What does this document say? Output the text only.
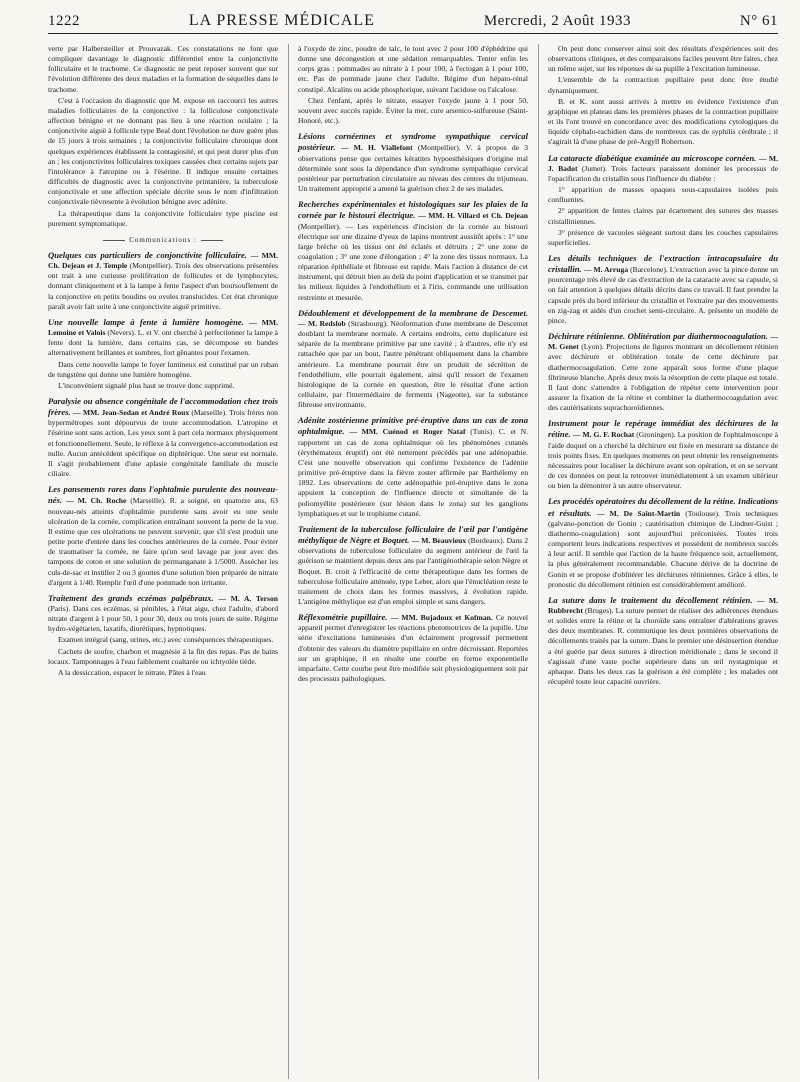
1222	LA PRESSE MÉDICALE	Mercredi, 2 Août 1933	N° 61

verte par Halbersteiller et Prouvazak. Ces constatations ne font que compliquer davantage le diagnostic différentiel entre la conjonctivite folliculaire et le trachome. Ce diagnostic ne peut reposer souvent que sur l'évolution différente des deux maladies et la formation de séquelles dans le trachome.

C'est à l'occasion du diagnostic que M. expose en raccourci les autres maladies folliculaires de la conjonctive : la folliculose conjonctivale affection bénigne et ne donnant pas lieu à une réaction oculaire ; la conjonctivite aiguë à follicule type Beal dont l'évolution ne dure guère plus de 15 jours à trois semaines ; la conjonctivite folliculaire chronique dont quelques expériences établissent la contagiosité, et qui peut durer plus d'un an ; les conjonctivites folliculaires toxiques causées chez certains sujets par l'intolérance à l'atropine ou à l'ésérine. Il indique ensuite certaines difficultés de diagnostic avec la conjonctivite printanière, la tuberculose conjonctivale et une affection spéciale décrite sous le nom d'infiltration conjonctivale tièvresente à évolution bénigne avec adénite.

La thérapeutique dans la conjonctivite folliculaire type piscine est purement symptomatique.

Communications :

Quelques cas particuliers de conjonctivite folliculaire. — MM. Ch. Dejean et J. Temple (Montpellier). Trois des observations présentées ont trait à une curieuse prolifération de follicules et de lymphocytes, donnant cliniquement et à la lampe à fente l'aspect d'un boursouflement de la conjonctive en petits boudins ou ovules translucides. Cet état chronique paraît avoir fait suite à une conjonctivite aiguë primitive.

Une nouvelle lampe à fente à lumière homogène. — MM. Lemoine et Valois (Nevers). L. et V. ont cherché à perfectionner la lampe à fente dont la lumière, dans certains cas, se décompose en bandes alternativement brillantes et sombres, fort gênantes pour l'examen.

Dans cette nouvelle lampe le foyer lumineux est constitué par un ruban de tungstène qui donne une lumière homogène.

L'inconvénient signalé plus haut se trouve donc supprimé.

Paralysie ou absence congénitale de l'accommodation chez trois frères. — MM. Jean-Sedan et André Roux (Marseille). Trois frères non hypermétropes sont dépourvus de toute accommodation. L'atropine et l'ésérine sont sans action. Les yeux sont à part cela normaux physiquement et fonctionnellement. Seule, le réflexe à la convergence-accommodation est nulle. Aucun antécédent spécifique ou diphtérique. Une sœur est normale. Il s'agit probablement d'une aplasie congénitale familiale du muscle ciliaire.

Les pansements rares dans l'ophtalmie purulente des nouveau-nés. — M. Ch. Roche (Marseille). R. a soigné, en quatorze ans, 63 nouveau-nés atteints d'ophtalmie purulente sans avoir eu une seule ulcération de la cornée, complication entraînant souvent la perte de la vue. Il estime que ces ulcérations ne peuvent survenir, que s'il s'est produit une petite porte d'entrée dans les couches antérieures de la cornée. Pour éviter de traumatiser la cornée, ne faire qu'un seul lavage par jour avec des tampons de coton et une solution de permanganate à 1/5000. Assécher les culs-de-sac et instiller 2 ou 3 gouttes d'une solution bien préparée de nitrate d'argent à 1/40. Remplir l'œil d'une pommade non irritante.

Traitement des grands eczémas palpébraux. — M. A. Terson (Paris). Dans ces eczémas, si pénibles, à l'état aigu, chez l'adulte, d'abord nitrate d'argent à 1 pour 50, 1 pour 30, deux ou trois jours de suite. Régime hydro-végétarien, laxatifs, diurétiques, hypnotiques.

Examen intégral (sang, urines, etc.) avec conséquences thérapeutiques.

Cachets de soufre, charbon et magnésie à la fin des repas. Pas de bains locaux. Tamponnages à l'eau faiblement coaltarée ou ichtyolée tiède.

A la dessiccation, espacer le nitrate. Pâtes à l'eau

à l'oxyde de zinc, poudre de talc, le tout avec 2 pour 100 d'éphédrine qui donne une décongestion et une sédation remarquables. Tenter enfin les corps gras : pommades au nitrate à 1 pour 100, à l'ectogan à 1 pour 100, etc. Pas de pommade jaune chez l'adulte. Régime d'un hépato-rénal constipé. Alcalins ou acide phosphorique, suivant l'acidose ou l'alcalose.

Chez l'enfant, après le nitrate, essayer l'oxyde jaune à 1 pour 50, souvent avec succès rapide. Éviter la mer, cure arsenico-sulfureuse (Saint-Honoré, etc.).

Lésions cornéennes et syndrome sympathique cervical postérieur. — M. H. Viallefont (Montpellier). V. à propos de 3 observations pense que certaines kératites hypoesthésiques d'origine mal déterminée sont sous la dépendance d'un syndrome sympathique cervical postérieur par perturbation circulatoire au niveau des centres du trijumeau. Un traitement approprié a amené la guérison chez 2 de ses malades.

Recherches expérimentales et histologiques sur les plaies de la cornée par le bistouri électrique. — MM. H. Villard et Ch. Dejean (Montpellier). — Les expériences d'incision de la cornée au bistouri électrique sur une dizaine d'yeux de lapins montrent aussitôt après : 1° une large brèche où les tissus ont été éclatés et détruits ; 2° une zone de coagulation ; 3° une zone d'élongation ; 4° la zone des tissus normaux. La réparation épithéliale et fibreuse est rapide. Mais l'action à distance de cet instrument, qui détruit bien au delà du point d'application et se transmet par les milieux liquides à l'endothélium et à l'iris, commande une utilisation restreinte et mesurée.

Dédoublement et développement de la membrane de Descemet. — M. Redslob (Strasbourg). Néoformation d'une membrane de Descemet doublant la membrane normale. A certains endroits, cette duplicature est séparée de la membrane primitive par une cavité ; à d'autres, elle n'y est rattachée que par un bout, l'autre pénétrant obliquement dans la chambre antérieure. La membrane pourrait être un produit de sécrétion de l'endothélium, elle pourrait également, ainsi qu'il ressort de l'examen histologique de la cornée en question, être le résultat d'une action cellulaire, par l'intermédiaire de ferments (Nageotte), sur la substance fibreuse environnante.

Adénite zostérienne primitive pré-éruptive dans un cas de zona ophtalmique. — MM. Cuénod et Roger Nataf (Tunis). C. et N. rapportent un cas de zona ophtalmique où les phénomènes cutanés (érythémateux éruptif) ont été nettement précédés par une adénopathie. C'est une nouvelle observation qui confirme l'existence de l'adénite primitive pré-éruptive dans la fièvre zoster affirmée par Barthélemy en 1892. Les observations de cette adénopathie pré-éruptive dans le zona appuient la conception de l'influence directe et simultanée de la poliomyélite postérieure (sur lésion dans le zona) sur les ganglions lymphatiques et sur le trophisme cutané.

Traitement de la tuberculose folliculaire de l'œil par l'antigène méthylique de Nègre et Boquet. — M. Beauvieux (Bordeaux). Dans 2 observations de tuberculose folliculaire du segment antérieur de l'œil la guérison se maintient depuis deux ans par l'antigénothérapie selon Nègre et Boquet. B. croit à l'efficacité de cette thérapeutique dans les formes de tuberculose folliculaire atténuée, type Leber, alors que l'énucléation reste le traitement de choix dans les formes massives, à évolution rapide. L'antigène méthylique est d'un emploi simple et sans dangers.

Réflexométrie pupillaire. — MM. Bujadoux et Kofman. Ce nouvel appareil permet d'enregistrer les réactions photomotrices de la pupille. Une série d'excitations lumineuses d'un éclairement progressif permettent d'obtenir des valeurs du diamètre pupillaire en ordre décroissant. Reportées sur un graphique, il en résulte une courbe en forme exponentielle imparfaite. Cette courbe peut être modifiée soit physiologiquement soit par des processus pathologiques.

On peut donc conserver ainsi soit des résultats d'expériences soit des observations cliniques, et des comparaisons faciles peuvent être faites, chez un même sujet, sur les réponses de sa pupille à l'excitation lumineuse.

L'ensemble de la contraction pupillaire peut donc être étudié dynamiquement.

B. et K. sont aussi arrivés à mettre en évidence l'existence d'un graphique en plateau dans les premières phases de la contraction pupillaire et ils l'ont trouvé en concordance avec des modifications cytologiques du liquide céphalo-rachidien dans de nombreux cas de syphilis cérébrale ; il s'agirait là d'une phase de pré-Argyll Robertson.

La cataracte diabétique examinée au microscope cornéen. — M. J. Badot (Jumet). Trois facteurs paraissent dominer les processus de l'opacification du cristallin sous l'influence du diabète :

1° apparition de masses opaques sous-capsulaires isolées puis confluentes.

2° apparition de fentes claires par écartement des sutures des masses cristalliniennes.

3° présence de vacuoles siégeant surtout dans les couches capsulaires superficielles.

Les détails techniques de l'extraction intracapsulaire du cristallin. — M. Arruga (Barcelone). L'extraction avec la pince donne un pourcentage très élevé de cas d'extraction de la cataracte avec sa capsule, si on fait attention à quelques détails décrits dans ce travail. Il faut prendre la capsule près du bord inférieur du cristallin et l'extraire par des mouvements en zig-zag et aidés d'un crochet semi-circulaire. A. présente un modèle de pince.

Déchirure rétinienne. Oblitération par diathermocoagulation. — M. Genet (Lyon). Projections de figures montrant un décollement rétinien avec déchirure et oblitération totale de cette déchirure par diathermocoagulation. Cette zone apparaît sous forme d'une plaque fibrineuse blanche. Après deux mois la résorption de cette plaque est totale. Il faut donc s'attendre à l'obligation de répéter cette intervention pour assurer la fixation de la rétine et combiner la diathermocoagulation avec des cautérisations suprachoroïdiennes.

Instrument pour le repérage immédiat des déchirures de la rétine. — M. G. F. Rochat (Groningen). La position de l'ophtalmoscope à l'aide duquel on a cherché la déchirure est fixée en mesurant sa distance de trois points fixes. En quelques moments on peut obtenir les renseignements nécessaires pour localiser la déchirure avant son opération, et en se servant de ces données on peut la retrouver immédiatement à un examen ultérieur ou bien la démontrer à un autre observateur.

Les procédés opératoires du décollement de la rétine. Indications et résultats. — M. De Saint-Martin (Toulouse). Trois techniques (galvano-ponction de Gonin ; cautérisation chimique de Lindner-Guist ; diathermo-coagulation) sont aujourd'hui préconisées. Toutes trois comportent leurs indications respectives et possèdent de nombreux succès à leur actif. Il semble que l'action de la haute fréquence soit, actuellement, la plus généralement recommandable. Chacune dérive de la doctrine de Gonin et se propose d'oblitérer les déchirures rétiniennes. Grâce à elles, le pronostic du décollement rétinien est considérablement amélioré.

La suture dans le traitement du décollement rétinien. — M. Rubbrecht (Bruges). La suture permet de réaliser des adhérences étendues et solides entre la rétine et la choroïde sans entraîner d'altérations graves des deux membranes. R. communique les deux premières observations de décollements traités par la suture. Dans le premier une désinsertion étendue a été guérie par deux sutures à direction méridionale ; dans le second il s'agissait d'une vaste poche supérieure dans un œil nystagmique et aphaque. Dans les deux cas la guérison a été complète ; les malades ont récupéré toute leur capacité ouvrière.
